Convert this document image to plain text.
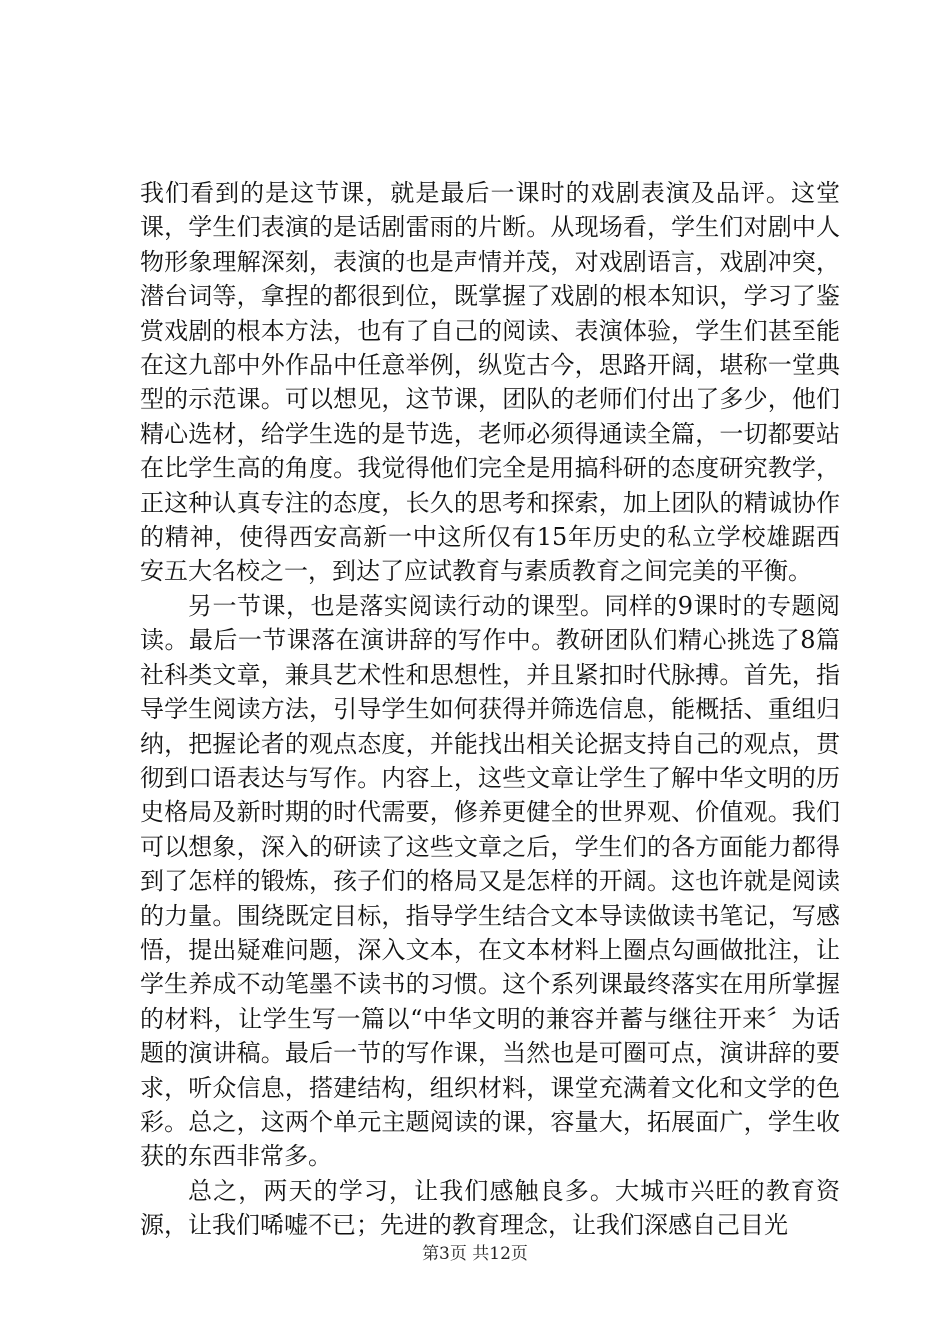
我们看到的是这节课，就是最后一课时的戏剧表演及品评。这堂课，学生们表演的是话剧雷雨的片断。从现场看，学生们对剧中人物形象理解深刻，表演的也是声情并茂，对戏剧语言，戏剧冲突，潜台词等，拿捏的都很到位，既掌握了戏剧的根本知识，学习了鉴赏戏剧的根本方法，也有了自己的阅读、表演体验，学生们甚至能在这九部中外作品中任意举例，纵览古今，思路开阔，堪称一堂典型的示范课。可以想见，这节课，团队的老师们付出了多少，他们精心选材，给学生选的是节选，老师必须得通读全篇，一切都要站在比学生高的角度。我觉得他们完全是用搞科研的态度研究教学，正这种认真专注的态度，长久的思考和探索，加上团队的精诚协作的精神，使得西安高新一中这所仅有15年历史的私立学校雄踞西安五大名校之一，到达了应试教育与素质教育之间完美的平衡。

另一节课，也是落实阅读行动的课型。同样的9课时的专题阅读。最后一节课落在演讲辞的写作中。教研团队们精心挑选了8篇社科类文章，兼具艺术性和思想性，并且紧扣时代脉搏。首先，指导学生阅读方法，引导学生如何获得并筛选信息，能概括、重组归纳，把握论者的观点态度，并能找出相关论据支持自己的观点，贯彻到口语表达与写作。内容上，这些文章让学生了解中华文明的历史格局及新时期的时代需要，修养更健全的世界观、价值观。我们可以想象，深入的研读了这些文章之后，学生们的各方面能力都得到了怎样的锻炼，孩子们的格局又是怎样的开阔。这也许就是阅读的力量。围绕既定目标，指导学生结合文本导读做读书笔记，写感悟，提出疑难问题，深入文本，在文本材料上圈点勾画做批注，让学生养成不动笔墨不读书的习惯。这个系列课最终落实在用所掌握的材料，让学生写一篇以“中华文明的兼容并蓄与继往开来〞为话题的演讲稿。最后一节的写作课，当然也是可圈可点，演讲辞的要求，听众信息，搭建结构，组织材料，课堂充满着文化和文学的色彩。总之，这两个单元主题阅读的课，容量大，拓展面广，学生收获的东西非常多。

总之，两天的学习，让我们感触良多。大城市兴旺的教育资源，让我们唏嘘不已；先进的教育理念，让我们深感自己目光

第3页 共12页
